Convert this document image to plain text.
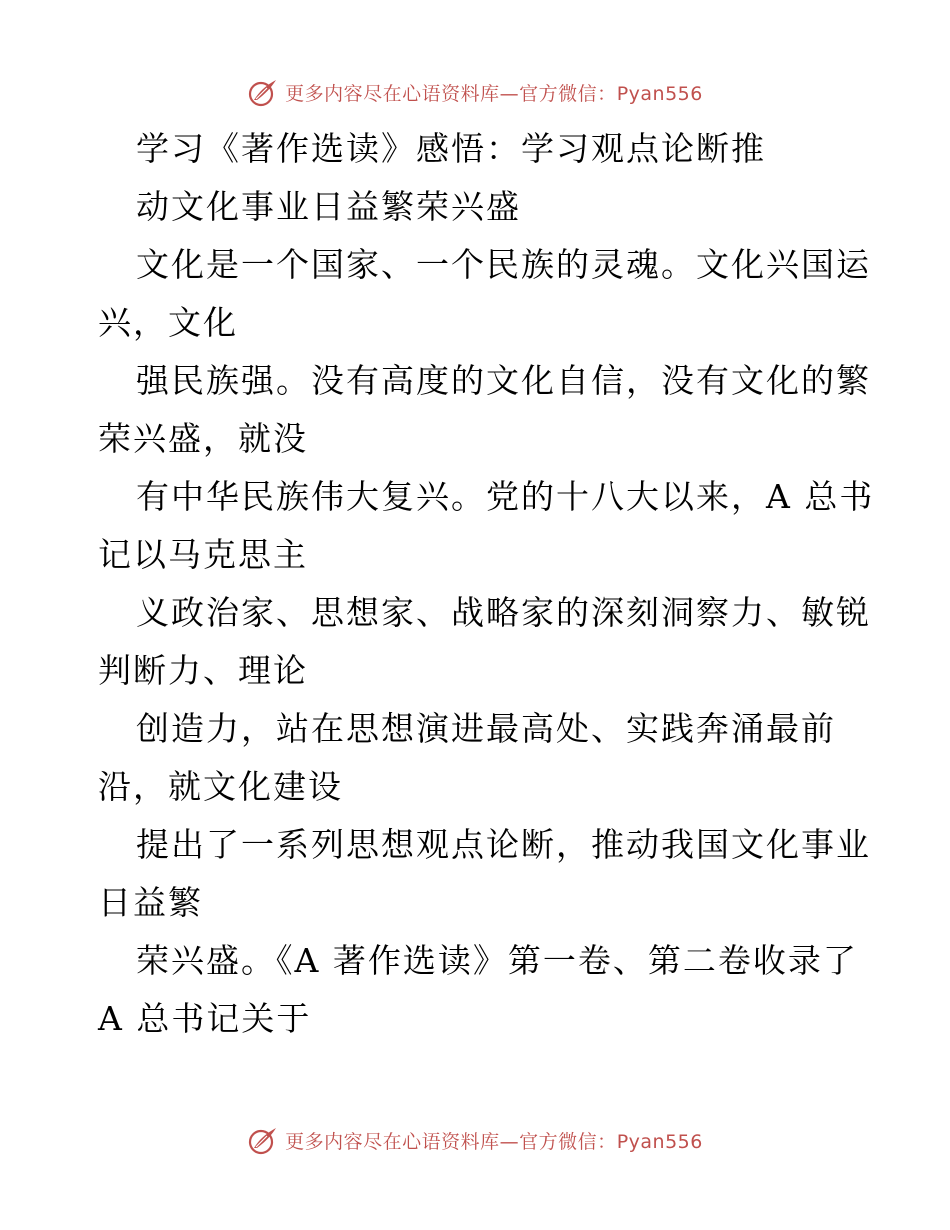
更多内容尽在心语资料库—官方微信：Pyan556
学习《著作选读》感悟：学习观点论断推
动文化事业日益繁荣兴盛
文化是一个国家、一个民族的灵魂。文化兴国运
兴，文化
强民族强。没有高度的文化自信，没有文化的繁
荣兴盛，就没
有中华民族伟大复兴。党的十八大以来，A 总书
记以马克思主
义政治家、思想家、战略家的深刻洞察力、敏锐
判断力、理论
创造力，站在思想演进最高处、实践奔涌最前
沿，就文化建设
提出了一系列思想观点论断，推动我国文化事业
日益繁
荣兴盛。《A 著作选读》第一卷、第二卷收录了
A 总书记关于
更多内容尽在心语资料库—官方微信：Pyan556
